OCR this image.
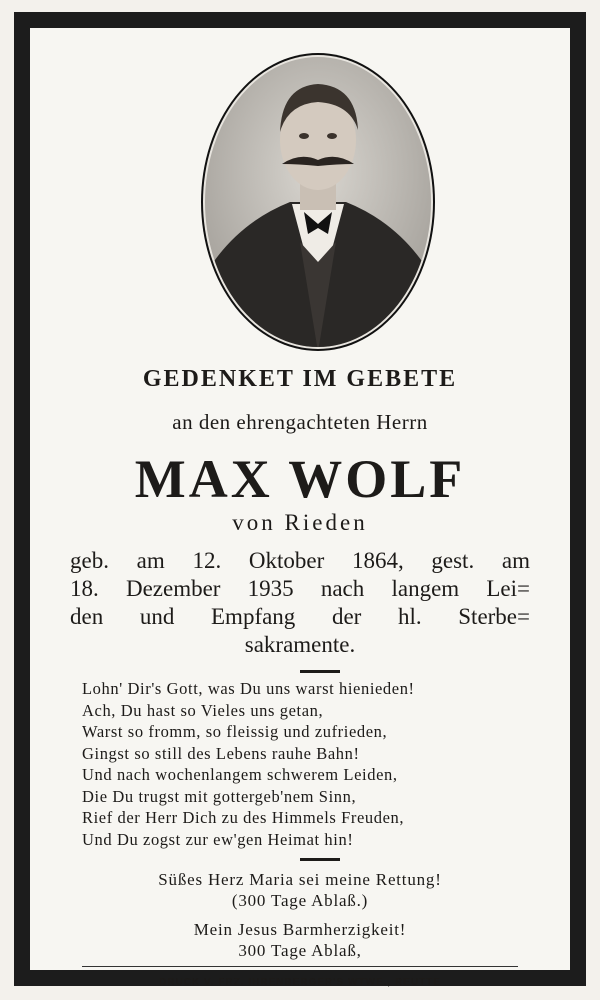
GEDENKET IM GEBETE
an den ehrengachteten Herrn
MAX WOLF
von Rieden
geb. am 12. Oktober 1864, gest. am
18. Dezember 1935 nach langem Lei=
den und Empfang der hl. Sterbe=
sakramente.
Lohn' Dir's Gott, was Du uns warst hienieden!
Ach, Du hast so Vieles uns getan,
Warst so fromm, so fleissig und zufrieden,
Gingst so still des Lebens rauhe Bahn!
Und nach wochenlangem schwerem Leiden,
Die Du trugst mit gottergeb'nem Sinn,
Rief der Herr Dich zu des Himmels Freuden,
Und Du zogst zur ew'gen Heimat hin!
Süßes Herz Maria sei meine Rettung!
(300 Tage Ablaß.)
Mein Jesus Barmherzigkeit!
300 Tage Ablaß,
DRUCK V. FRZ. IHRENBERGER'S WTWE., REUTTE
